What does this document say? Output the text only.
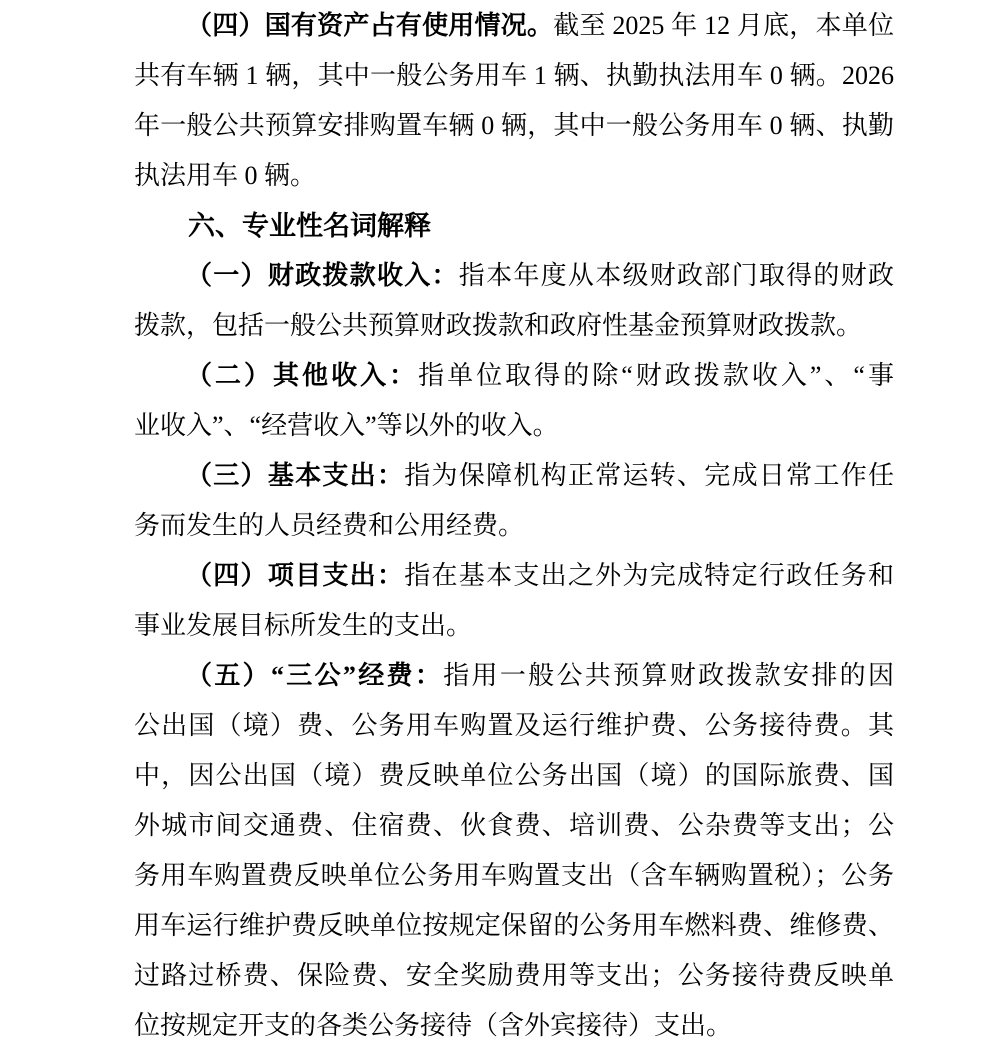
（四）国有资产占有使用情况。截至 2025 年 12 月底，本单位
共有车辆 1 辆，其中一般公务用车 1 辆、执勤执法用车 0 辆。2026
年一般公共预算安排购置车辆 0 辆，其中一般公务用车 0 辆、执勤
执法用车 0 辆。
六、专业性名词解释
（一）财政拨款收入：指本年度从本级财政部门取得的财政
拨款，包括一般公共预算财政拨款和政府性基金预算财政拨款。
（二）其他收入：指单位取得的除“财政拨款收入”、“事
业收入”、“经营收入”等以外的收入。
（三）基本支出：指为保障机构正常运转、完成日常工作任
务而发生的人员经费和公用经费。
（四）项目支出：指在基本支出之外为完成特定行政任务和
事业发展目标所发生的支出。
（五）“三公”经费：指用一般公共预算财政拨款安排的因
公出国（境）费、公务用车购置及运行维护费、公务接待费。其
中，因公出国（境）费反映单位公务出国（境）的国际旅费、国
外城市间交通费、住宿费、伙食费、培训费、公杂费等支出；公
务用车购置费反映单位公务用车购置支出（含车辆购置税）；公务
用车运行维护费反映单位按规定保留的公务用车燃料费、维修费、
过路过桥费、保险费、安全奖励费用等支出；公务接待费反映单
位按规定开支的各类公务接待（含外宾接待）支出。
